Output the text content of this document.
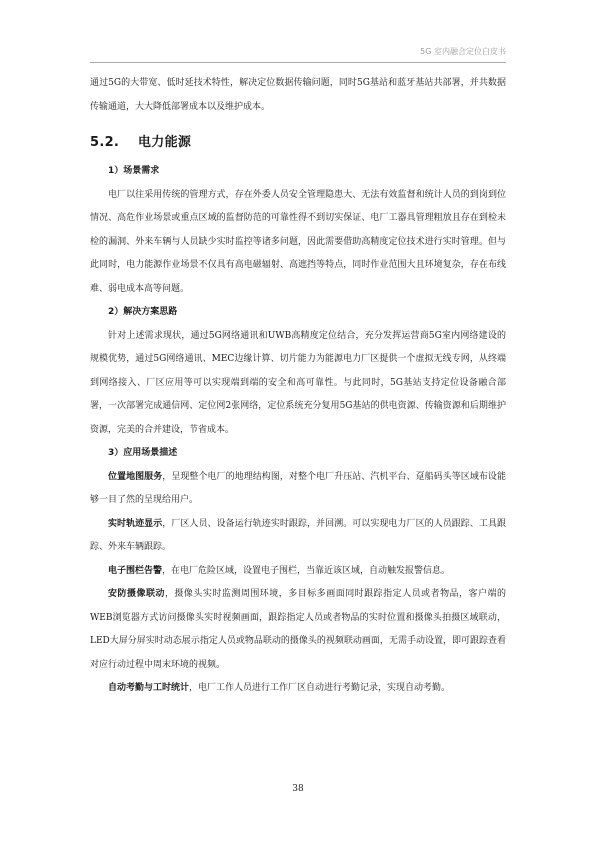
5G 室内融合定位白皮书

通过5G的大带宽、低时延技术特性，解决定位数据传输问题，同时5G基站和蓝牙基站共部署，并共数据传输通道，大大降低部署成本以及维护成本。

5.2. 电力能源

1）场景需求

电厂以往采用传统的管理方式，存在外委人员安全管理隐患大、无法有效监督和统计人员的到岗到位情况、高危作业场景或重点区域的监督防范的可靠性得不到切实保证、电厂工器具管理粗放且存在到检未检的漏洞、外来车辆与人员缺少实时监控等诸多问题，因此需要借助高精度定位技术进行实时管理。但与此同时，电力能源作业场景不仅具有高电磁辐射、高遮挡等特点，同时作业范围大且环境复杂，存在布线难、弱电成本高等问题。

2）解决方案思路

针对上述需求现状，通过5G网络通讯和UWB高精度定位结合，充分发挥运营商5G室内网络建设的规模优势，通过5G网络通讯、MEC边缘计算、切片能力为能源电力厂区提供一个虚拟无线专网，从终端到网络接入、厂区应用等可以实现端到端的安全和高可靠性。与此同时，5G基站支持定位设备融合部署，一次部署完成通信网、定位网2张网络，定位系统充分复用5G基站的供电资源、传输资源和后期维护资源，完美的合并建设，节省成本。

3）应用场景描述

位置地图服务，呈现整个电厂的地理结构图，对整个电厂升压站、汽机平台、趸船码头等区域布设能够一目了然的呈现给用户。

实时轨迹显示，厂区人员、设备运行轨迹实时跟踪，并回溯。可以实现电力厂区的人员跟踪、工具跟踪、外来车辆跟踪。

电子围栏告警，在电厂危险区域，设置电子围栏，当靠近该区域，自动触发报警信息。

安防摄像联动，摄像头实时监测周围环境，多目标多画面同时跟踪指定人员或者物品，客户端的WEB浏览器方式访问摄像头实时视频画面，跟踪指定人员或者物品的实时位置和摄像头拍摄区域联动，LED大屏分屏实时动态展示指定人员或物品联动的摄像头的视频联动画面，无需手动设置，即可跟踪查看对应行动过程中周末环境的视频。

自动考勤与工时统计，电厂工作人员进行工作厂区自动进行考勤记录，实现自动考勤。

38
